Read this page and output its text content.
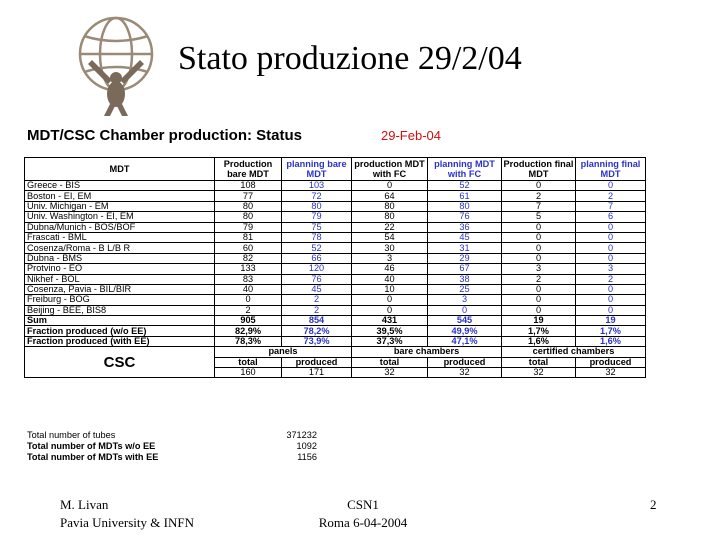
Stato produzione 29/2/04
MDT/CSC Chamber production: Status	29-Feb-04
MDT	Production bare MDT	planning bare MDT	production MDT with FC	planning MDT with FC	Production final MDT	planning final MDT
Greece - BIS	108	103	0	52	0	0
Boston - EI, EM	77	72	64	61	2	2
Univ. Michigan - EM	80	80	80	80	7	7
Univ. Washington - EI, EM	80	79	80	76	5	6
Dubna/Munich - BOS/BOF	79	75	22	36	0	0
Frascati - BML	81	78	54	45	0	0
Cosenza/Roma - B L/B R	60	52	30	31	0	0
Dubna - BMS	82	66	3	29	0	0
Protvino - EO	133	120	46	67	3	3
Nikhef - BOL	83	76	40	38	2	2
Cosenza, Pavia - BIL/BIR	40	45	10	25	0	0
Freiburg - BOG	0	2	0	3	0	0
Beijing - BEE, BIS8	2	2	0	0	0	0
Sum	905	854	431	545	19	19
Fraction produced (w/o EE)	82,9%	78,2%	39,5%	49,9%	1,7%	1,7%
Fraction produced (with EE)	78,3%	73,9%	37,3%	47,1%	1,6%	1,6%
CSC	panels		bare chambers		certified chambers	
	total	produced	total	produced	total	produced
	160	171	32	32	32	32
Total number of tubes	371232
Total number of MDTs w/o EE	1092
Total number of MDTs with EE	1156
M. Livan
Pavia University & INFN
CSN1
Roma 6-04-2004
2
